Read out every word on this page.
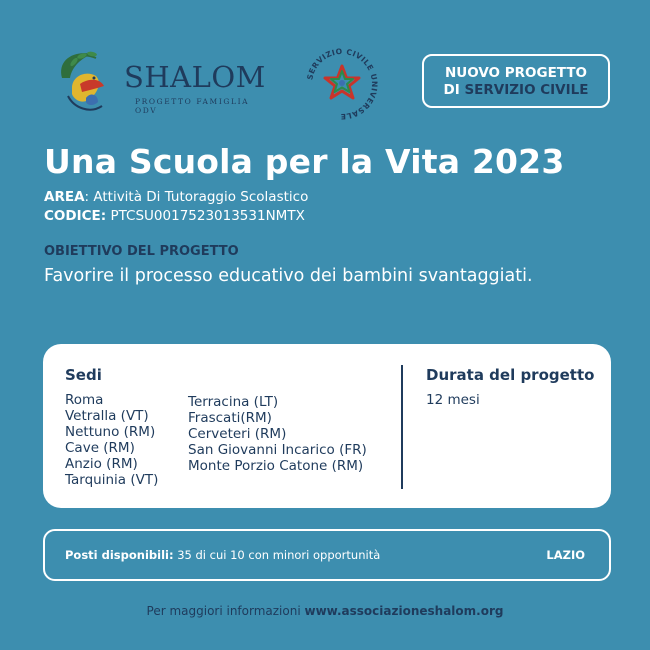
SHALOM
PROGETTO FAMIGLIA ODV
SERVIZIO CIVILE U IVERSALE
NUOVO PROGETTO
DI SERVIZIO CIVILE
Una Scuola per la Vita 2023
AREA: Attività Di Tutoraggio Scolastico
CODICE: PTCSU0017523013531NMTX
OBIETTIVO DEL PROGETTO
Favorire il processo educativo dei bambini svantaggiati.
Sedi
Roma
Vetralla (VT)
Nettuno (RM)
Cave (RM)
Anzio (RM)
Tarquinia (VT)
Terracina (LT)
Frascati(RM)
Cerveteri (RM)
San Giovanni Incarico (FR)
Monte Porzio Catone (RM)
Durata del progetto
12 mesi
Posti disponibili: 35 di cui 10 con minori opportunità	LAZIO
Per maggiori informazioni www.associazioneshalom.org
